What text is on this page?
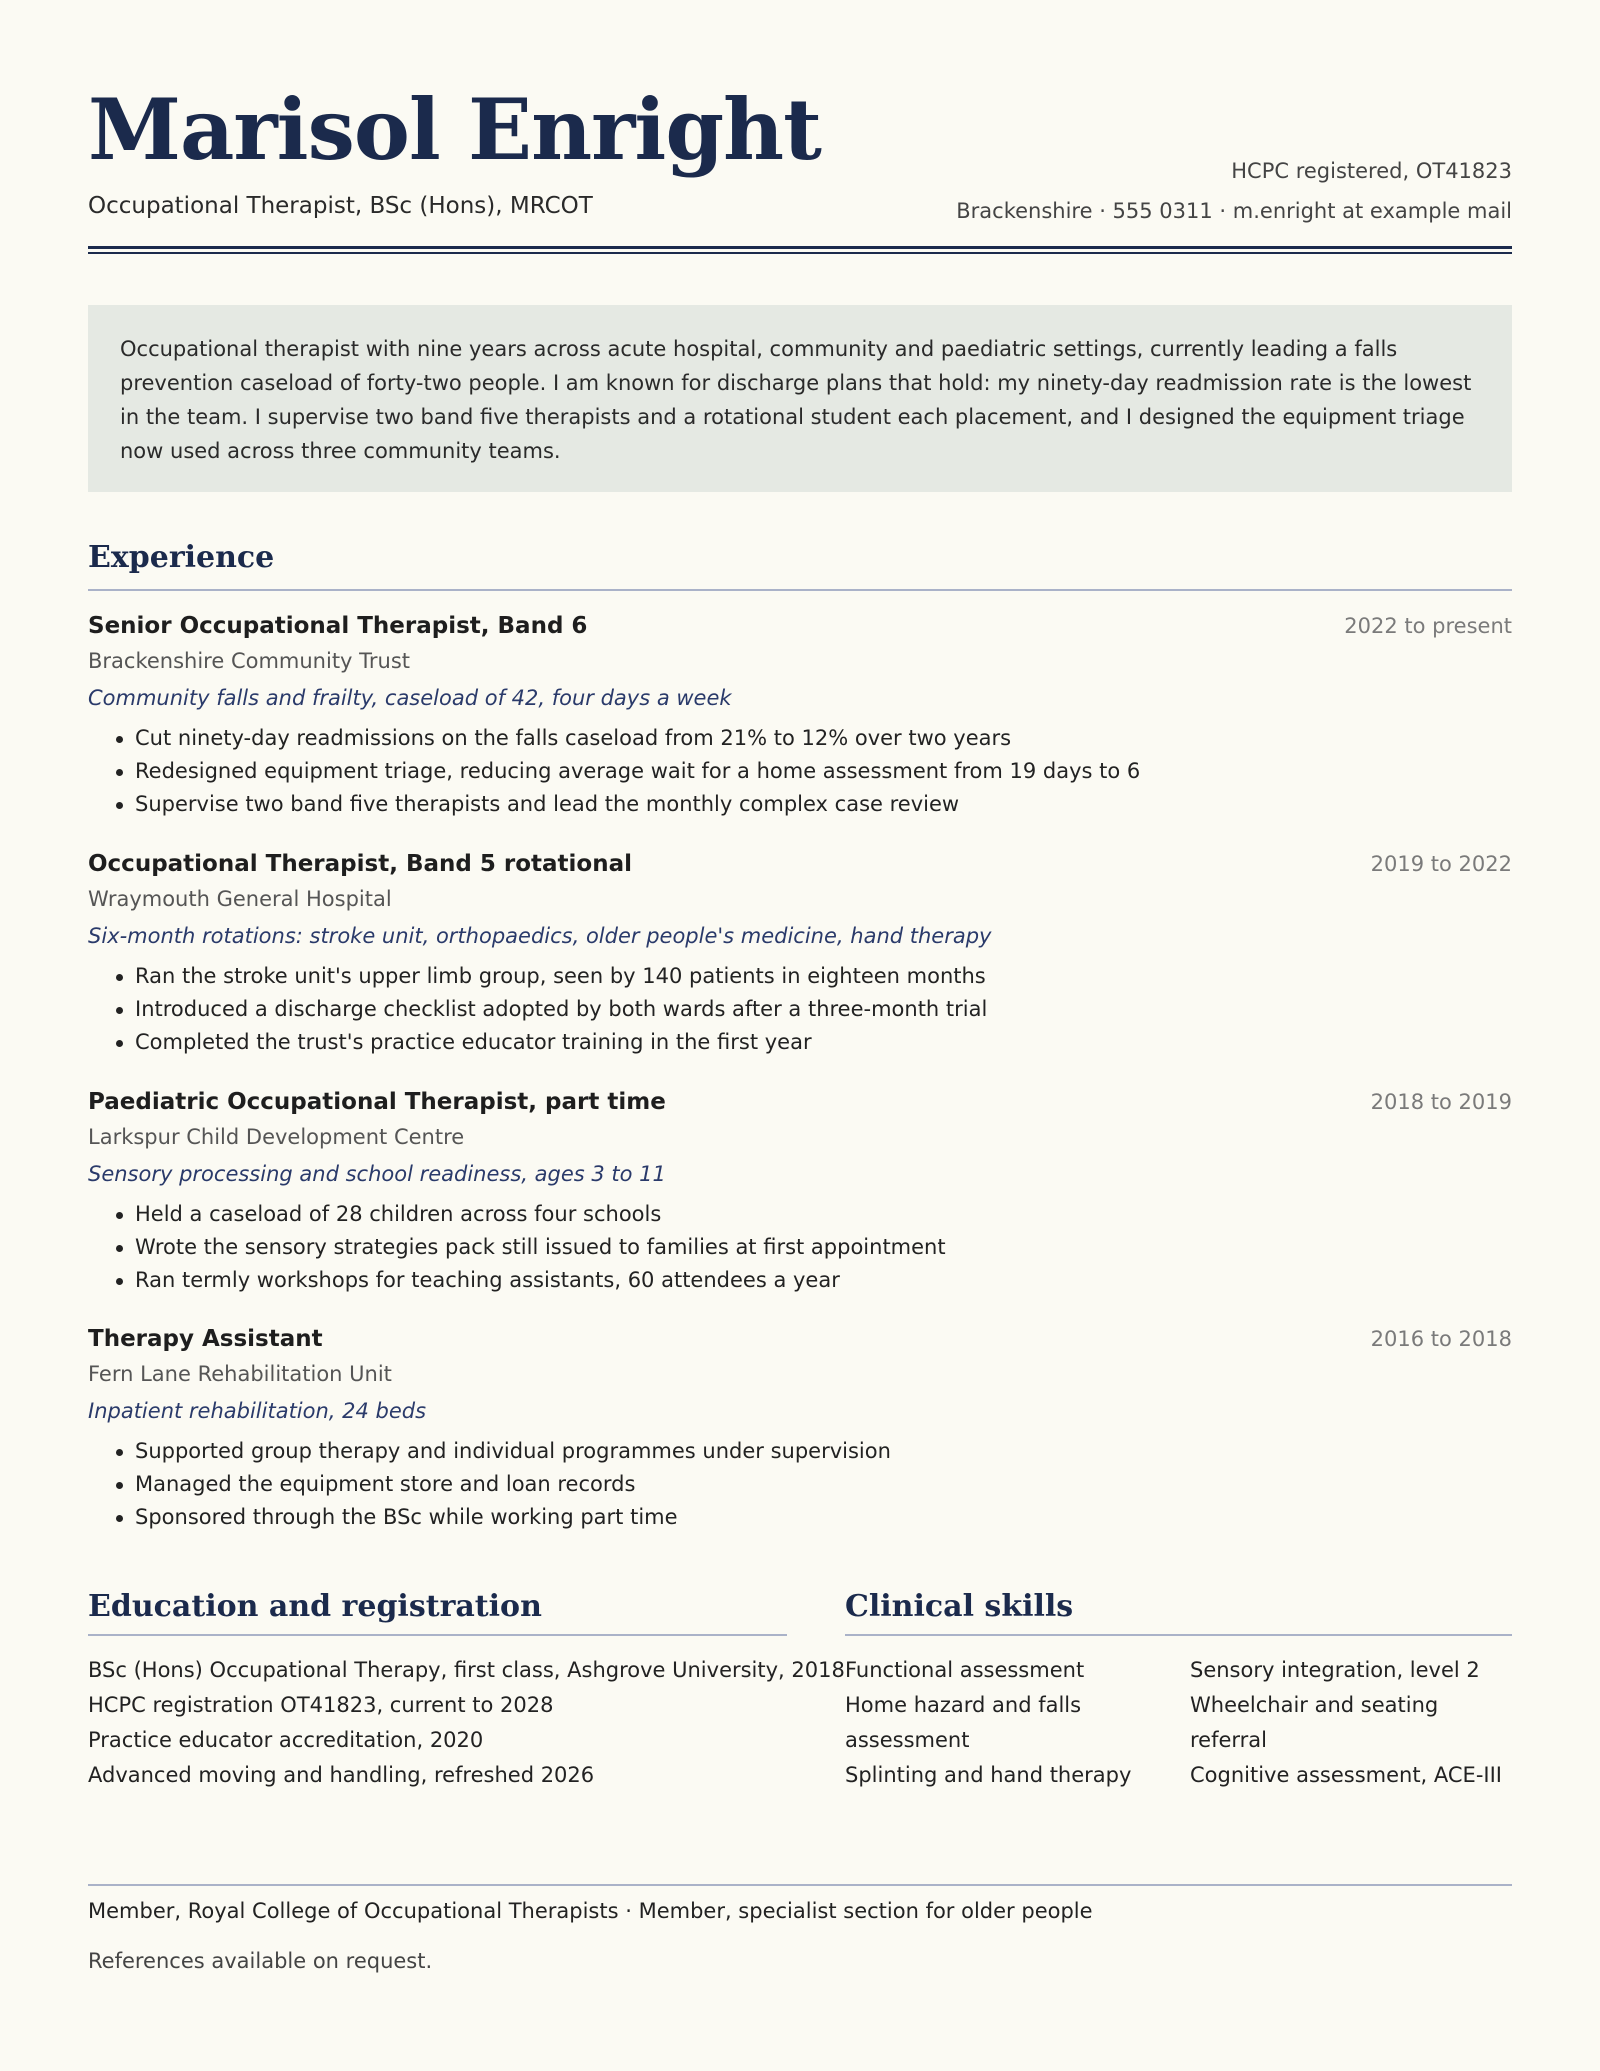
Marisol Enright
Occupational Therapist, BSc (Hons), MRCOT
HCPC registered, OT41823
Brackenshire · 555 0311 · m.enright at example mail
Occupational therapist with nine years across acute hospital, community and paediatric settings, currently leading a falls prevention caseload of forty-two people. I am known for discharge plans that hold: my ninety-day readmission rate is the lowest in the team. I supervise two band five therapists and a rotational student each placement, and I designed the equipment triage now used across three community teams.
Experience
Senior Occupational Therapist, Band 6	2022 to present
Brackenshire Community Trust
Community falls and frailty, caseload of 42, four days a week
Cut ninety-day readmissions on the falls caseload from 21% to 12% over two years
Redesigned equipment triage, reducing average wait for a home assessment from 19 days to 6
Supervise two band five therapists and lead the monthly complex case review
Occupational Therapist, Band 5 rotational	2019 to 2022
Wraymouth General Hospital
Six-month rotations: stroke unit, orthopaedics, older people's medicine, hand therapy
Ran the stroke unit's upper limb group, seen by 140 patients in eighteen months
Introduced a discharge checklist adopted by both wards after a three-month trial
Completed the trust's practice educator training in the first year
Paediatric Occupational Therapist, part time	2018 to 2019
Larkspur Child Development Centre
Sensory processing and school readiness, ages 3 to 11
Held a caseload of 28 children across four schools
Wrote the sensory strategies pack still issued to families at first appointment
Ran termly workshops for teaching assistants, 60 attendees a year
Therapy Assistant	2016 to 2018
Fern Lane Rehabilitation Unit
Inpatient rehabilitation, 24 beds
Supported group therapy and individual programmes under supervision
Managed the equipment store and loan records
Sponsored through the BSc while working part time
Education and registration
BSc (Hons) Occupational Therapy, first class, Ashgrove University, 2018
HCPC registration OT41823, current to 2028
Practice educator accreditation, 2020
Advanced moving and handling, refreshed 2026
Clinical skills
Functional assessment
Home hazard and falls assessment
Splinting and hand therapy
Sensory integration, level 2
Wheelchair and seating referral
Cognitive assessment, ACE-III
Member, Royal College of Occupational Therapists · Member, specialist section for older people
References available on request.
